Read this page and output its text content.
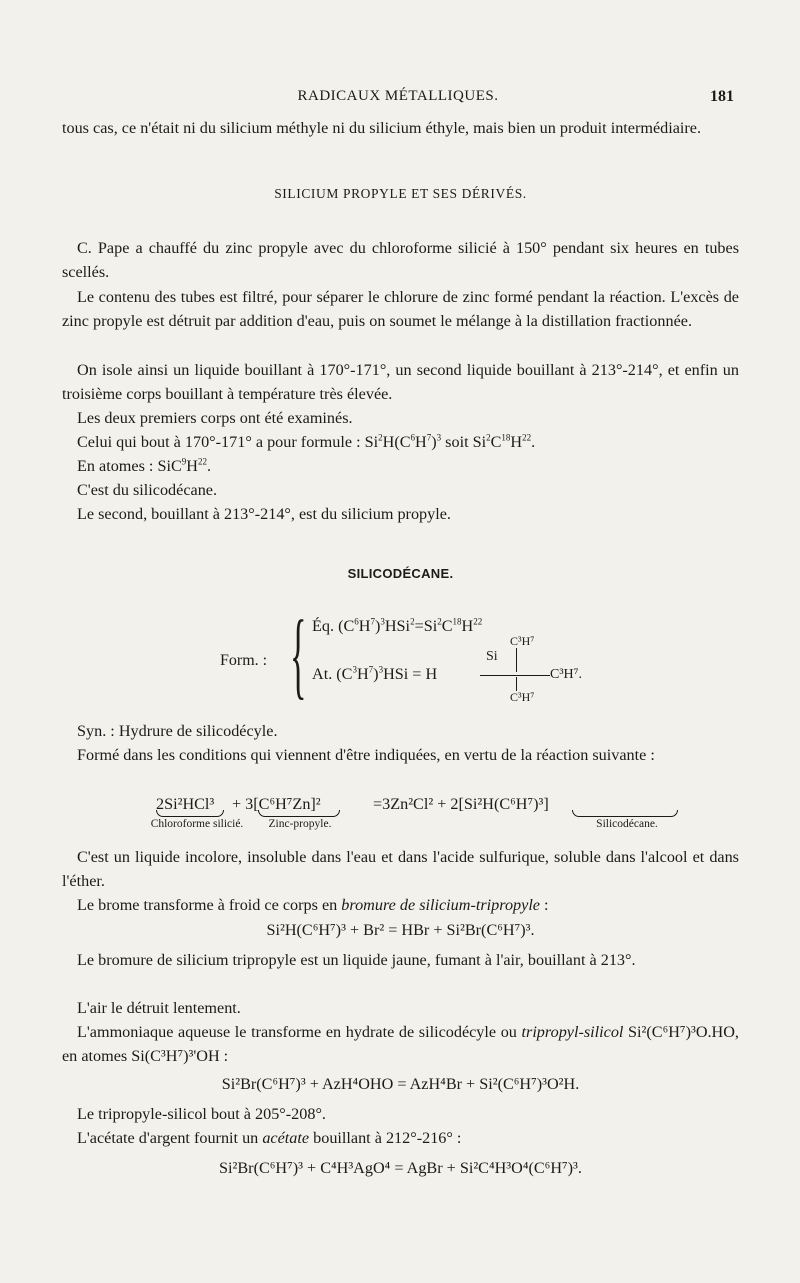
RADICAUX MÉTALLIQUES.	181
tous cas, ce n'était ni du silicium méthyle ni du silicium éthyle, mais bien un produit intermédiaire.
SILICIUM PROPYLE ET SES DÉRIVÉS.
C. Pape a chauffé du zinc propyle avec du chloroforme silicié à 150° pendant six heures en tubes scellés.
Le contenu des tubes est filtré, pour séparer le chlorure de zinc formé pendant la réaction. L'excès de zinc propyle est détruit par addition d'eau, puis on soumet le mélange à la distillation fractionnée.
On isole ainsi un liquide bouillant à 170°-171°, un second liquide bouillant à 213°-214°, et enfin un troisième corps bouillant à température très élevée.
Les deux premiers corps ont été examinés.
Celui qui bout à 170°-171° a pour formule : $Si^2H(C^6H^7)^3$ soit $Si^2C^{18}H^{22}$.
En atomes : $SiC^9H^{22}$.
C'est du silicodécane.
Le second, bouillant à 213°-214°, est du silicium propyle.
SILICODÉCANE.
Form. : { Éq. $(C^6H^7)^3HSi^2=Si^2C^{18}H^{22}$
At. $(C^3H^7)^3HSi = H$
Si
C³H⁷
C³H⁷.
C³H⁷
Syn. : Hydrure de silicodécyle.
Formé dans les conditions qui viennent d'être indiquées, en vertu de la réaction suivante :
2Si²HCl³ + 3[C⁶H⁷Zn]²	=3Zn²Cl² + 2[Si²H(C⁶H⁷)³]
Chloroforme silicié.	Zinc-propyle.	Silicodécane.
C'est un liquide incolore, insoluble dans l'eau et dans l'acide sulfurique, soluble dans l'alcool et dans l'éther.
Le brome transforme à froid ce corps en bromure de silicium-tripropyle :
Si²H(C⁶H⁷)³ + Br² = HBr + Si²Br(C⁶H⁷)³.
Le bromure de silicium tripropyle est un liquide jaune, fumant à l'air, bouillant à 213°.
L'air le détruit lentement.
L'ammoniaque aqueuse le transforme en hydrate de silicodécyle ou tripropyl-silicol Si²(C⁶H⁷)³O.HO, en atomes Si(C³H⁷)³'OH :
Si²Br(C⁶H⁷)³ + AzH⁴OHO = AzH⁴Br + Si²(C⁶H⁷)³O²H.
Le tripropyle-silicol bout à 205°-208°.
L'acétate d'argent fournit un acétate bouillant à 212°-216° :
Si²Br(C⁶H⁷)³ + C⁴H³AgO⁴ = AgBr + Si²C⁴H³O⁴(C⁶H⁷)³.
